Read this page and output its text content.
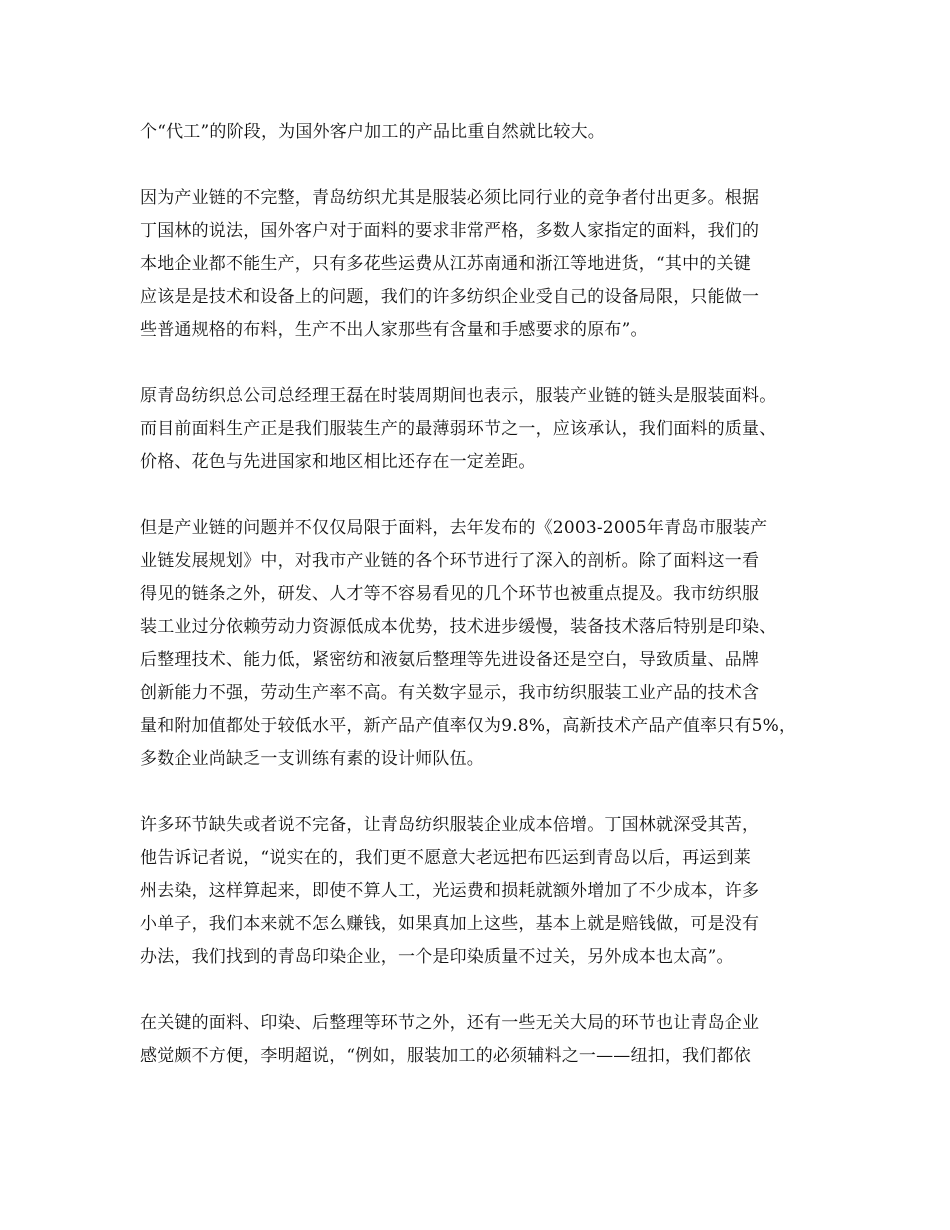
个“代工”的阶段，为国外客户加工的产品比重自然就比较大。
因为产业链的不完整，青岛纺织尤其是服装必须比同行业的竞争者付出更多。根据
丁国林的说法，国外客户对于面料的要求非常严格，多数人家指定的面料，我们的
本地企业都不能生产，只有多花些运费从江苏南通和浙江等地进货，“其中的关键
应该是是技术和设备上的问题，我们的许多纺织企业受自己的设备局限，只能做一
些普通规格的布料，生产不出人家那些有含量和手感要求的原布”。
原青岛纺织总公司总经理王磊在时装周期间也表示，服装产业链的链头是服装面料。
而目前面料生产正是我们服装生产的最薄弱环节之一，应该承认，我们面料的质量、
价格、花色与先进国家和地区相比还存在一定差距。
但是产业链的问题并不仅仅局限于面料，去年发布的《2003-2005年青岛市服装产
业链发展规划》中，对我市产业链的各个环节进行了深入的剖析。除了面料这一看
得见的链条之外，研发、人才等不容易看见的几个环节也被重点提及。我市纺织服
装工业过分依赖劳动力资源低成本优势，技术进步缓慢，装备技术落后特别是印染、
后整理技术、能力低，紧密纺和液氨后整理等先进设备还是空白，导致质量、品牌
创新能力不强，劳动生产率不高。有关数字显示，我市纺织服装工业产品的技术含
量和附加值都处于较低水平，新产品产值率仅为9.8%，高新技术产品产值率只有5%，
多数企业尚缺乏一支训练有素的设计师队伍。
许多环节缺失或者说不完备，让青岛纺织服装企业成本倍增。丁国林就深受其苦，
他告诉记者说，“说实在的，我们更不愿意大老远把布匹运到青岛以后，再运到莱
州去染，这样算起来，即使不算人工，光运费和损耗就额外增加了不少成本，许多
小单子，我们本来就不怎么赚钱，如果真加上这些，基本上就是赔钱做，可是没有
办法，我们找到的青岛印染企业，一个是印染质量不过关，另外成本也太高”。
在关键的面料、印染、后整理等环节之外，还有一些无关大局的环节也让青岛企业
感觉颇不方便，李明超说，“例如，服装加工的必须辅料之一——纽扣，我们都依
